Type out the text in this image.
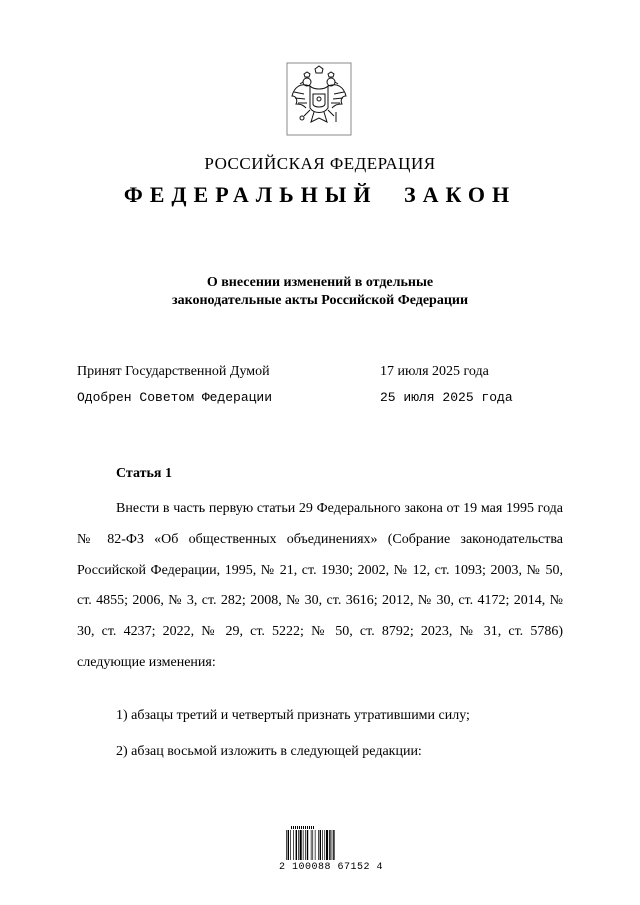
РОССИЙСКАЯ ФЕДЕРАЦИЯ
ФЕДЕРАЛЬНЫЙ ЗАКОН
О внесении изменений в отдельные
законодательные акты Российской Федерации
Принят Государственной Думой	17 июля 2025 года
Одобрен Советом Федерации	25 июля 2025 года
Статья 1
Внести в часть первую статьи 29 Федерального закона от 19 мая 1995 года № 82-ФЗ «Об общественных объединениях» (Собрание законодательства Российской Федерации, 1995, № 21, ст. 1930; 2002, № 12, ст. 1093; 2003, № 50, ст. 4855; 2006, № 3, ст. 282; 2008, № 30, ст. 3616; 2012, № 30, ст. 4172; 2014, № 30, ст. 4237; 2022, № 29, ст. 5222; № 50, ст. 8792; 2023, № 31, ст. 5786) следующие изменения:
1) абзацы третий и четвертый признать утратившими силу;
2) абзац восьмой изложить в следующей редакции:
2 100088 67152 4
